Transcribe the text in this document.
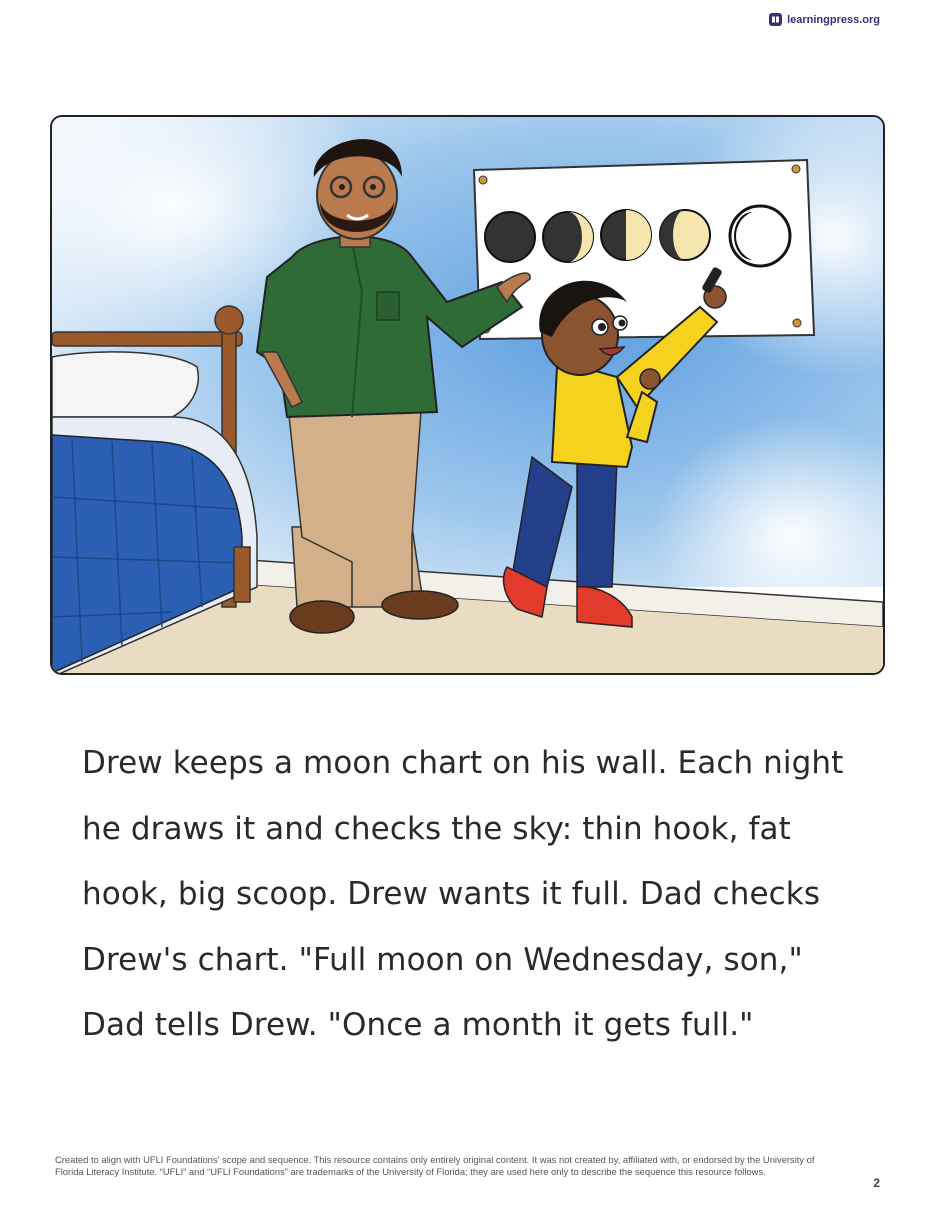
learningpress.org
Drew keeps a moon chart on his wall. Each night
he draws it and checks the sky: thin hook, fat
hook, big scoop. Drew wants it full. Dad checks
Drew's chart. "Full moon on Wednesday, son,"
Dad tells Drew. "Once a month it gets full."

Created to align with UFLI Foundations' scope and sequence. This resource contains only entirely original content. It was not created by, affiliated with, or endorsed by the University of Florida Literacy Institute. “UFLI” and “UFLI Foundations” are trademarks of the University of Florida; they are used here only to describe the sequence this resource follows.

2
